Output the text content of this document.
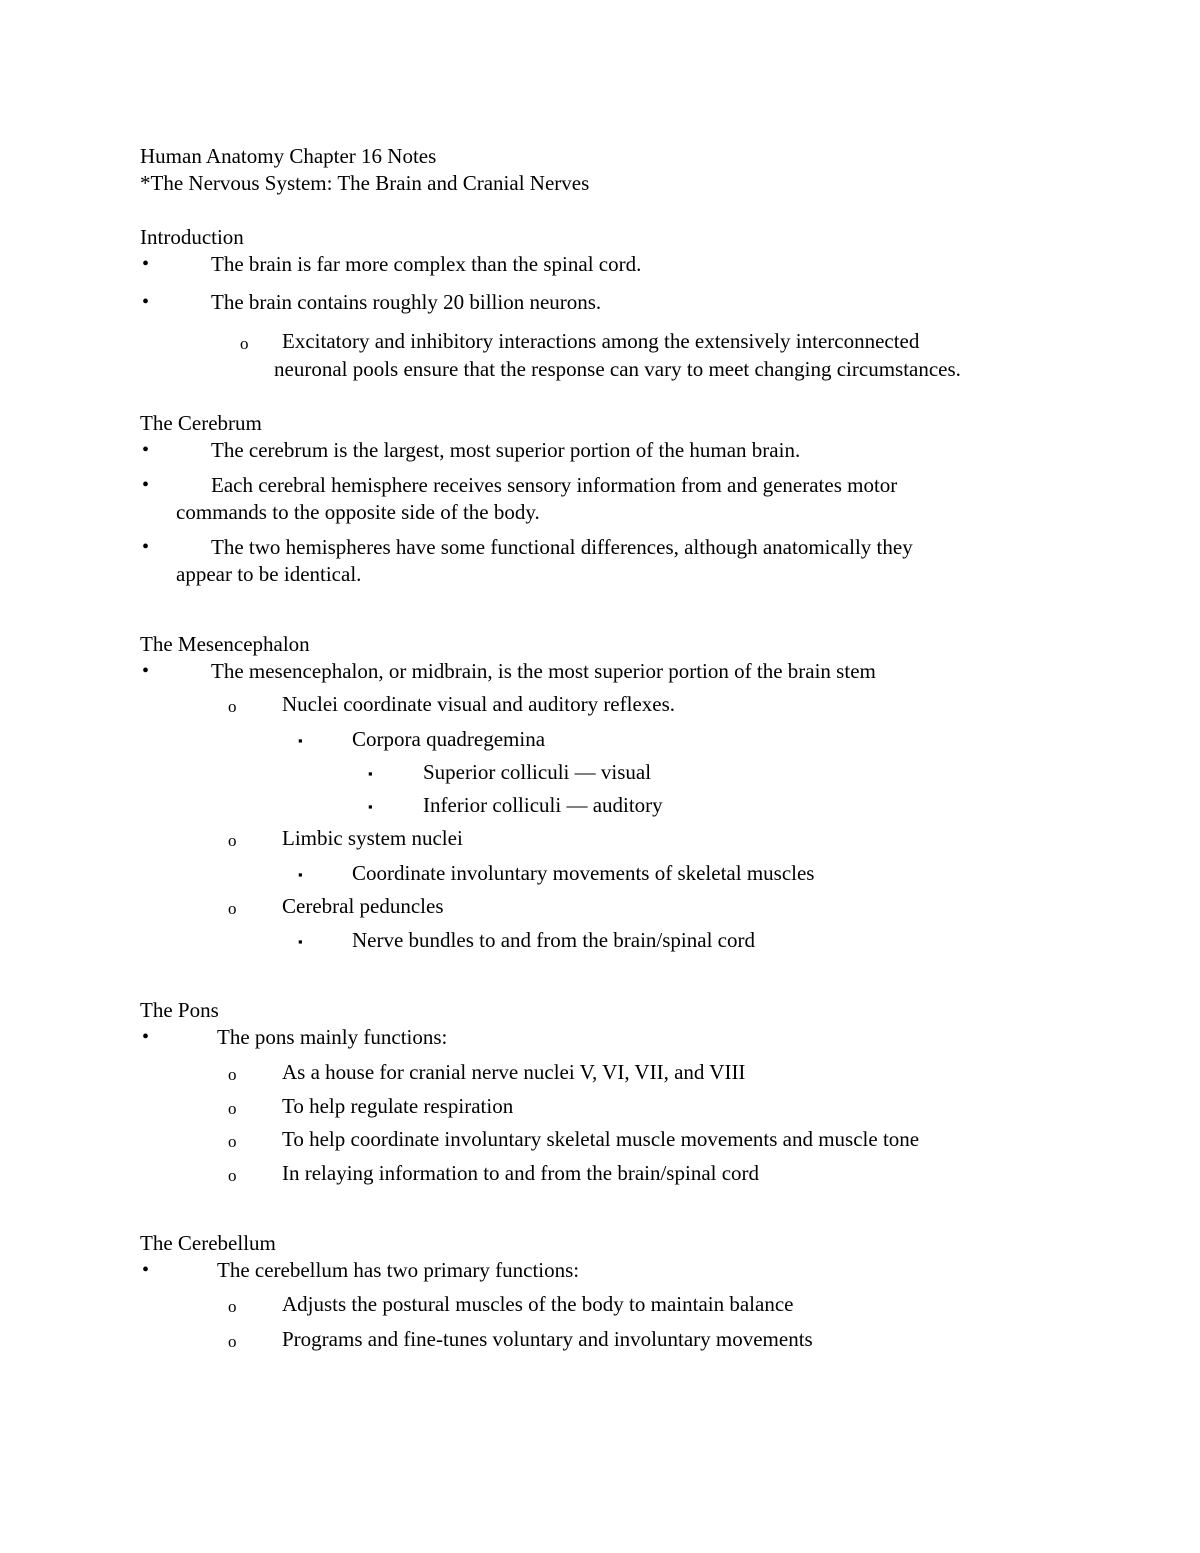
Human Anatomy Chapter 16 Notes
*The Nervous System: The Brain and Cranial Nerves
Introduction
•	The brain is far more complex than the spinal cord.
•	The brain contains roughly 20 billion neurons.
o Excitatory and inhibitory interactions among the extensively interconnected
neuronal pools ensure that the response can vary to meet changing circumstances.
The Cerebrum
•	The cerebrum is the largest, most superior portion of the human brain.
•	Each cerebral hemisphere receives sensory information from and generates motor
commands to the opposite side of the body.
•	The two hemispheres have some functional differences, although anatomically they
appear to be identical.
The Mesencephalon
•	The mesencephalon, or midbrain, is the most superior portion of the brain stem
o Nuclei coordinate visual and auditory reflexes.
▪ Corpora quadregemina
▪ Superior colliculi — visual
▪ Inferior colliculi — auditory
o Limbic system nuclei
▪ Coordinate involuntary movements of skeletal muscles
o Cerebral peduncles
▪ Nerve bundles to and from the brain/spinal cord
The Pons
•	The pons mainly functions:
o As a house for cranial nerve nuclei V, VI, VII, and VIII
o To help regulate respiration
o To help coordinate involuntary skeletal muscle movements and muscle tone
o In relaying information to and from the brain/spinal cord
The Cerebellum
•	The cerebellum has two primary functions:
o Adjusts the postural muscles of the body to maintain balance
o Programs and fine-tunes voluntary and involuntary movements
